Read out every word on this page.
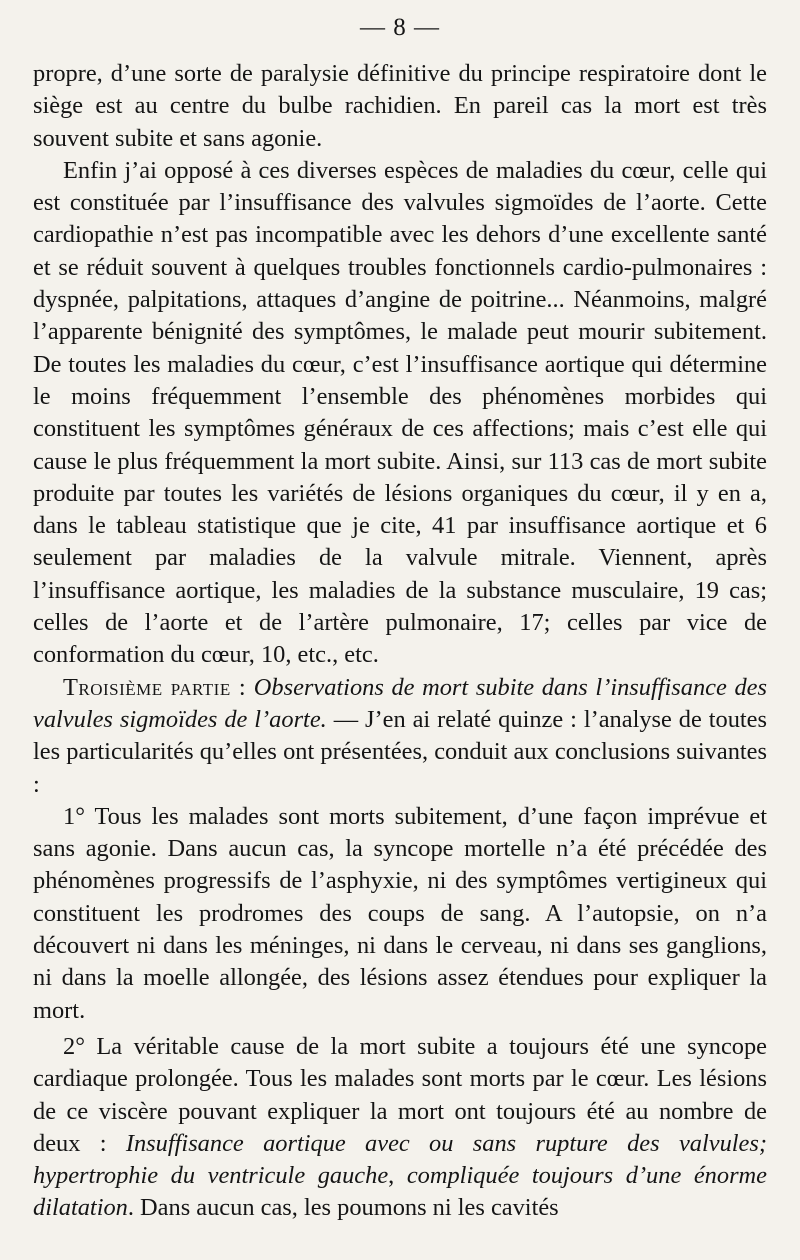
— 8 —

propre, d’une sorte de paralysie définitive du principe respiratoire dont le siège est au centre du bulbe rachidien. En pareil cas la mort est très souvent subite et sans agonie.

Enfin j’ai opposé à ces diverses espèces de maladies du cœur, celle qui est constituée par l’insuffisance des valvules sigmoïdes de l’aorte. Cette cardiopathie n’est pas incompatible avec les dehors d’une excellente santé et se réduit souvent à quelques troubles fonctionnels cardio-pulmonaires : dyspnée, palpitations, attaques d’angine de poitrine... Néanmoins, malgré l’apparente bénignité des symptômes, le malade peut mourir subitement. De toutes les maladies du cœur, c’est l’insuffisance aortique qui détermine le moins fréquemment l’ensemble des phénomènes morbides qui constituent les symptômes généraux de ces affections; mais c’est elle qui cause le plus fréquemment la mort subite. Ainsi, sur 113 cas de mort subite produite par toutes les variétés de lésions organiques du cœur, il y en a, dans le tableau statistique que je cite, 41 par insuffisance aortique et 6 seulement par maladies de la valvule mitrale. Viennent, après l’insuffisance aortique, les maladies de la substance musculaire, 19 cas; celles de l’aorte et de l’artère pulmonaire, 17; celles par vice de conformation du cœur, 10, etc., etc.

Troisième partie : Observations de mort subite dans l’insuffisance des valvules sigmoïdes de l’aorte. — J’en ai relaté quinze : l’analyse de toutes les particularités qu’elles ont présentées, conduit aux conclusions suivantes :

1° Tous les malades sont morts subitement, d’une façon imprévue et sans agonie. Dans aucun cas, la syncope mortelle n’a été précédée des phénomènes progressifs de l’asphyxie, ni des symptômes vertigineux qui constituent les prodromes des coups de sang. A l’autopsie, on n’a découvert ni dans les méninges, ni dans le cerveau, ni dans ses ganglions, ni dans la moelle allongée, des lésions assez étendues pour expliquer la mort.

2° La véritable cause de la mort subite a toujours été une syncope cardiaque prolongée. Tous les malades sont morts par le cœur. Les lésions de ce viscère pouvant expliquer la mort ont toujours été au nombre de deux : Insuffisance aortique avec ou sans rupture des valvules; hypertrophie du ventricule gauche, compliquée toujours d’une énorme dilatation. Dans aucun cas, les poumons ni les cavités
